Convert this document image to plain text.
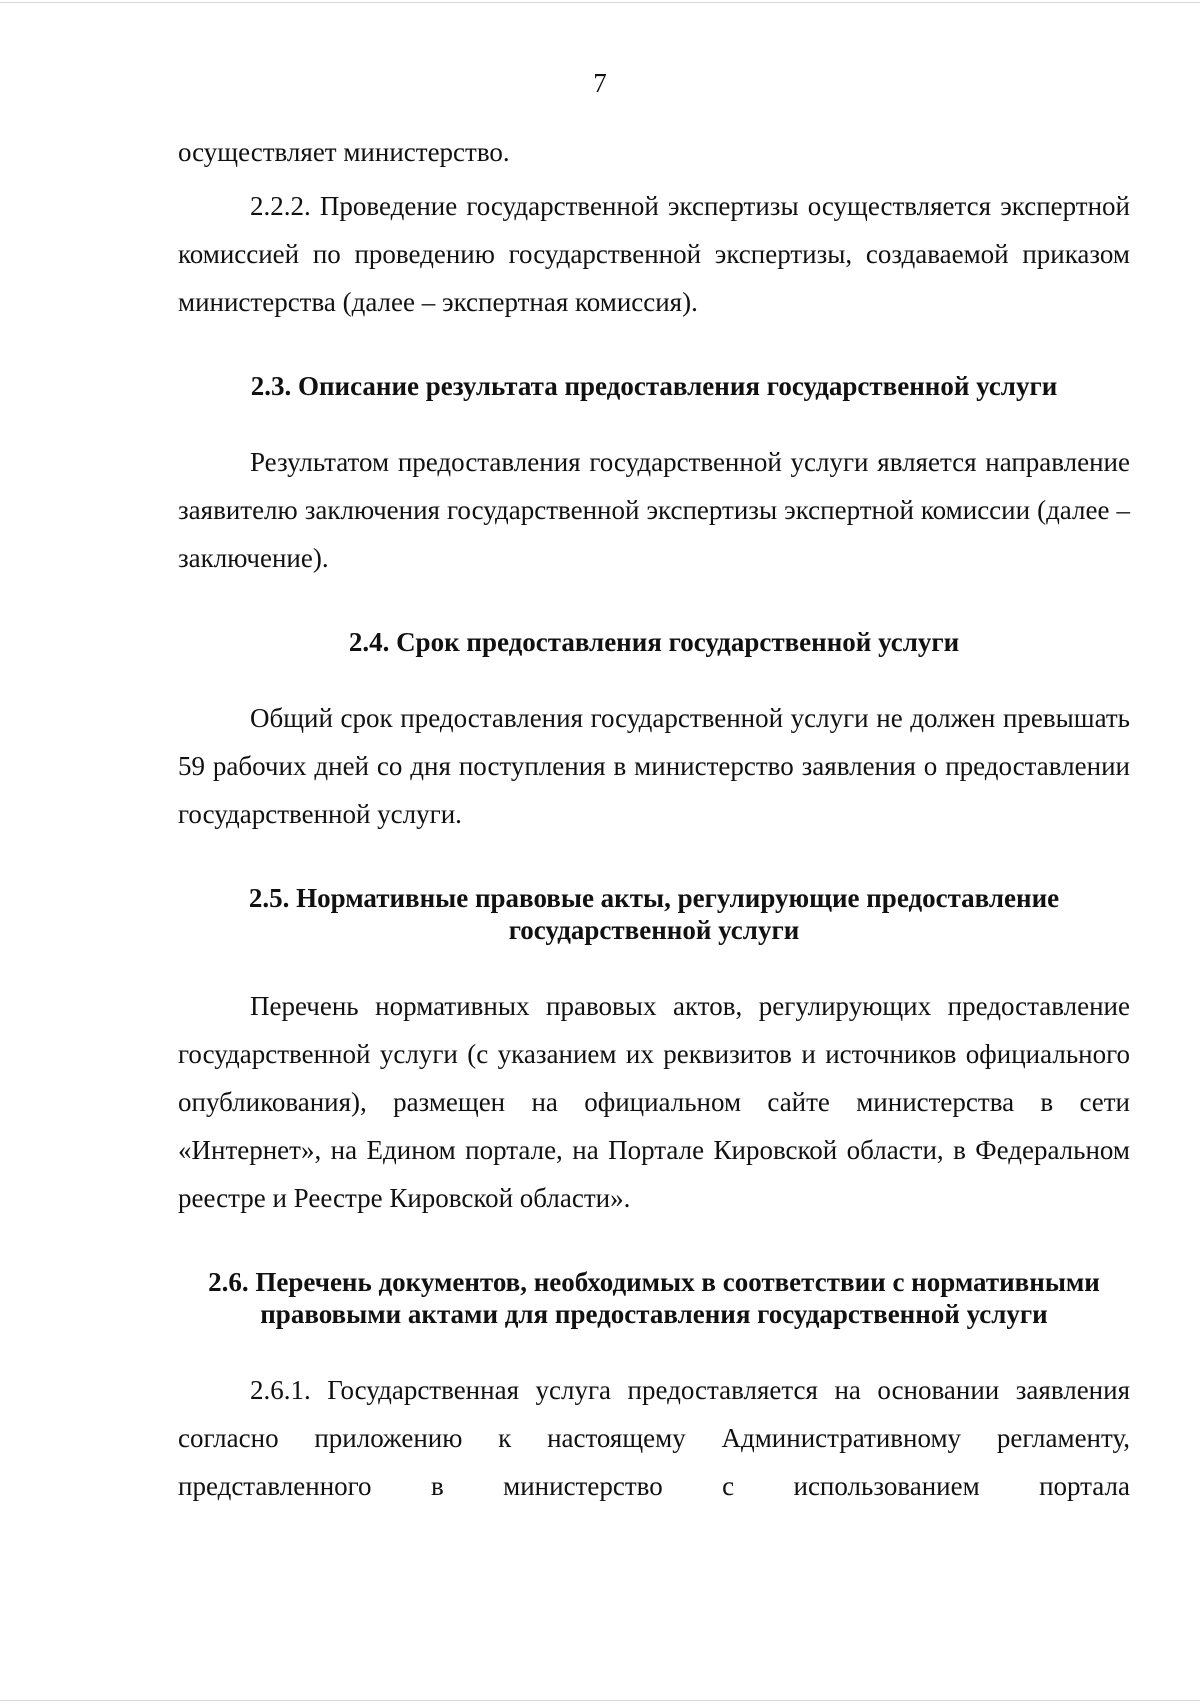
7

осуществляет министерство.

2.2.2. Проведение государственной экспертизы осуществляется экспертной комиссией по проведению государственной экспертизы, создаваемой приказом министерства (далее – экспертная комиссия).

2.3. Описание результата предоставления государственной услуги

Результатом предоставления государственной услуги является направление заявителю заключения государственной экспертизы экспертной комиссии (далее – заключение).

2.4. Срок предоставления государственной услуги

Общий срок предоставления государственной услуги не должен превышать 59 рабочих дней со дня поступления в министерство заявления о предоставлении государственной услуги.

2.5. Нормативные правовые акты, регулирующие предоставление государственной услуги

Перечень нормативных правовых актов, регулирующих предоставление государственной услуги (с указанием их реквизитов и источников официального опубликования), размещен на официальном сайте министерства в сети «Интернет», на Едином портале, на Портале Кировской области, в Федеральном реестре и Реестре Кировской области».

2.6. Перечень документов, необходимых в соответствии с нормативными правовыми актами для предоставления государственной услуги

2.6.1. Государственная услуга предоставляется на основании заявления согласно приложению к настоящему Административному регламенту, представленного в министерство с использованием портала
